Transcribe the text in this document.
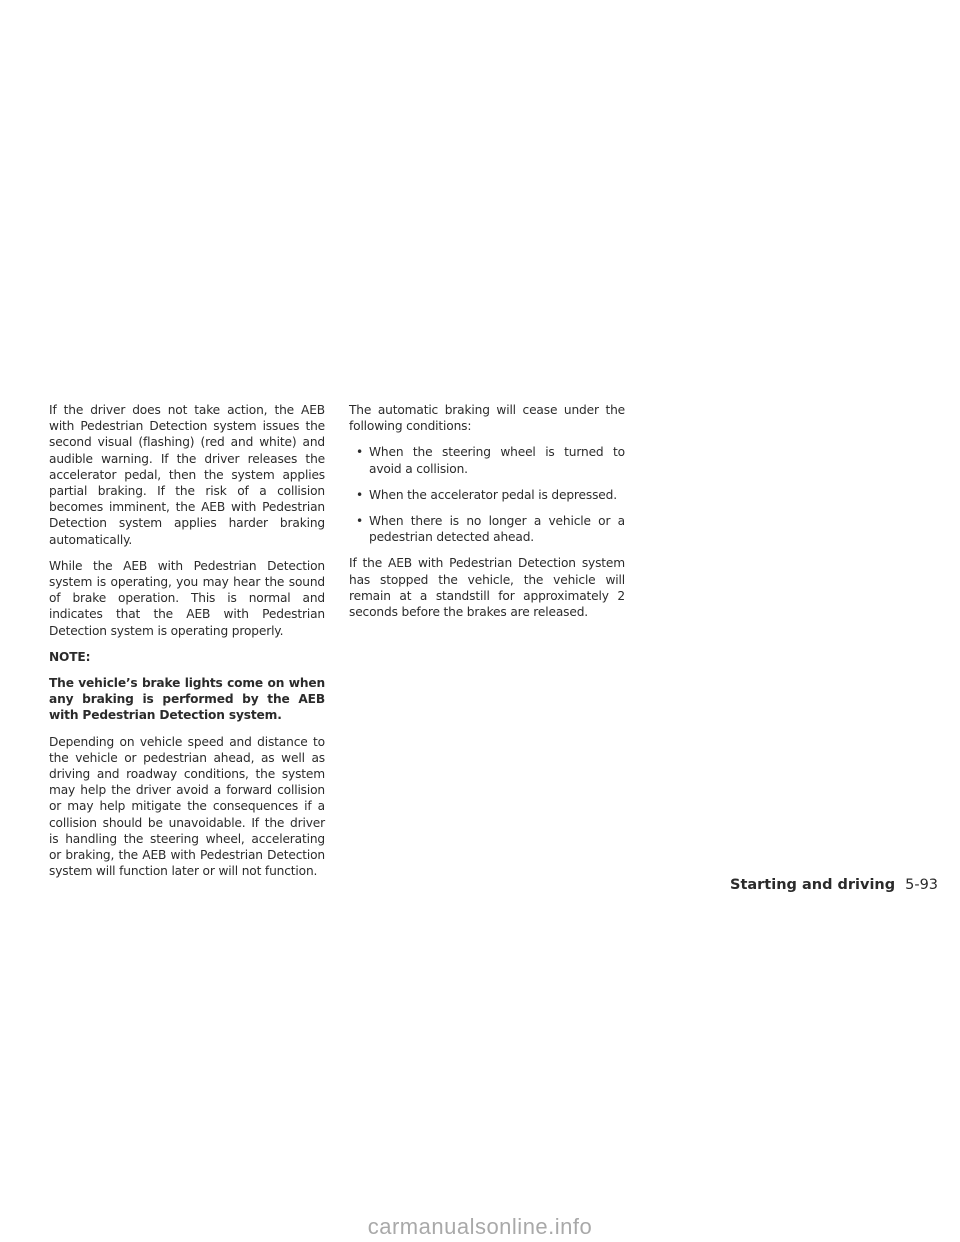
If the driver does not take action, the AEB with Pedestrian Detection system issues the second visual (flashing) (red and white) and audible warning. If the driver releases the accelerator pedal, then the system applies partial braking. If the risk of a collision becomes imminent, the AEB with Pedestrian Detection system applies harder braking automatically.

While the AEB with Pedestrian Detection system is operating, you may hear the sound of brake operation. This is normal and indicates that the AEB with Pedestrian Detection system is operating properly.

NOTE:

The vehicle’s brake lights come on when any braking is performed by the AEB with Pedestrian Detection system.

Depending on vehicle speed and distance to the vehicle or pedestrian ahead, as well as driving and roadway conditions, the system may help the driver avoid a forward collision or may help mitigate the consequences if a collision should be unavoidable. If the driver is handling the steering wheel, accelerating or braking, the AEB with Pedestrian Detection system will function later or will not function.

The automatic braking will cease under the following conditions:

• When the steering wheel is turned to avoid a collision.
• When the accelerator pedal is depressed.
• When there is no longer a vehicle or a pedestrian detected ahead.

If the AEB with Pedestrian Detection system has stopped the vehicle, the vehicle will remain at a standstill for approximately 2 seconds before the brakes are released.

Starting and driving 5-93
carmanualsonline.info
